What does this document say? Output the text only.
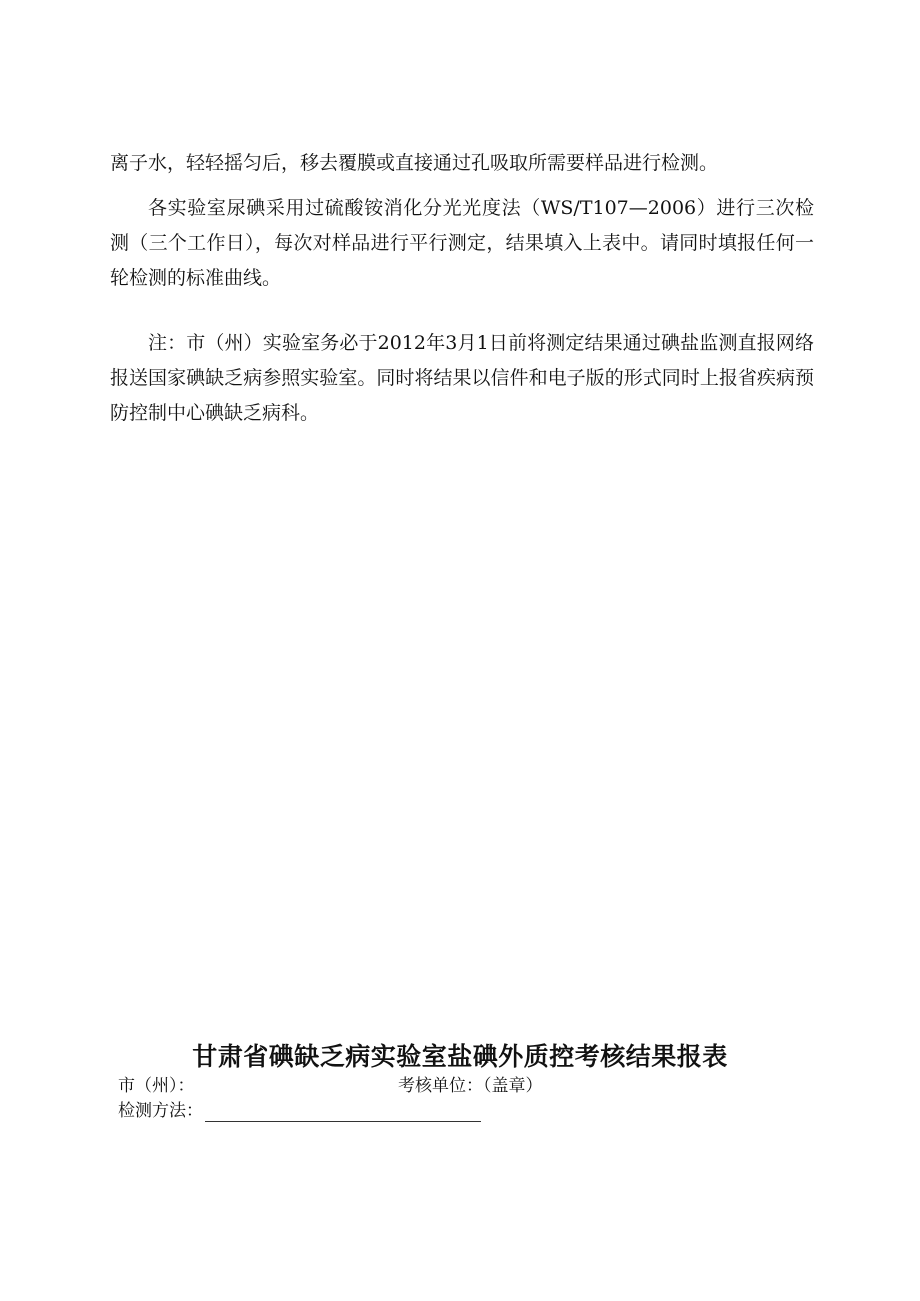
离子水，轻轻摇匀后，移去覆膜或直接通过孔吸取所需要样品进行检测。

各实验室尿碘采用过硫酸铵消化分光光度法（WS/T107—2006）进行三次检测（三个工作日），每次对样品进行平行测定，结果填入上表中。请同时填报任何一轮检测的标准曲线。

注：市（州）实验室务必于2012年3月1日前将测定结果通过碘盐监测直报网络报送国家碘缺乏病参照实验室。同时将结果以信件和电子版的形式同时上报省疾病预防控制中心碘缺乏病科。

甘肃省碘缺乏病实验室盐碘外质控考核结果报表
市（州）：	考核单位：（盖章）
检测方法：
